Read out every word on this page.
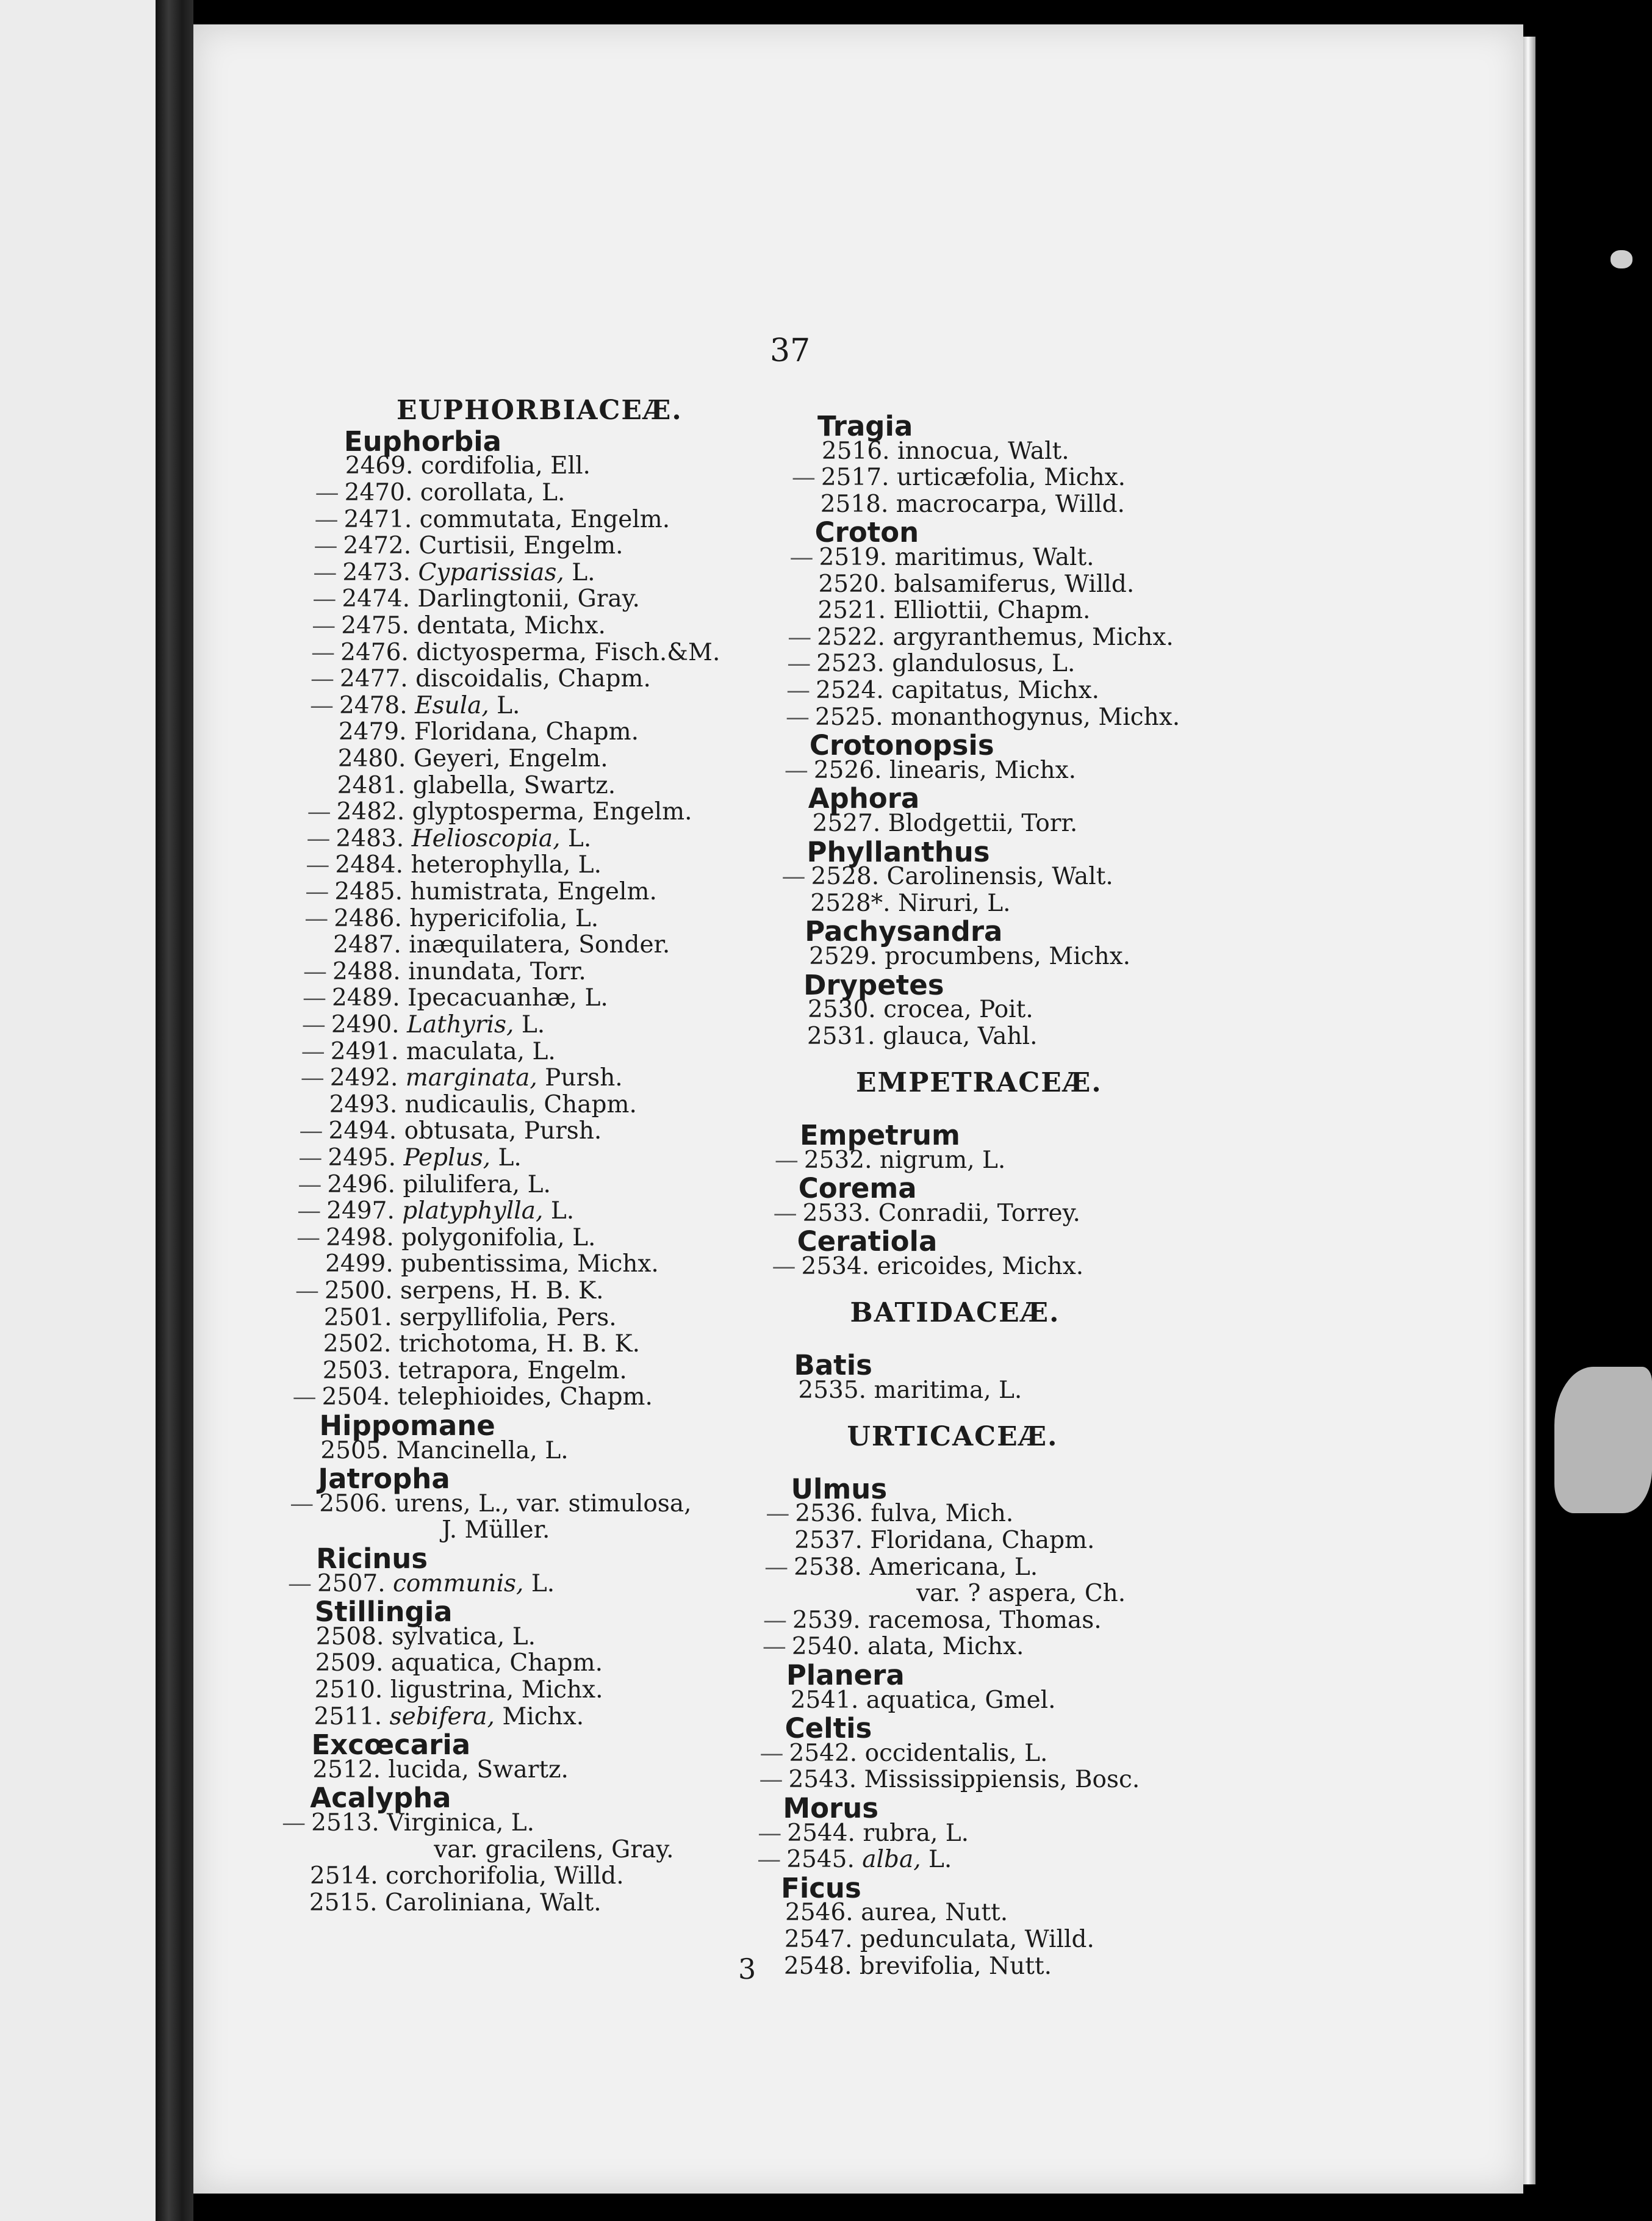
37
3
EUPHORBIACEÆ.
Euphorbia
2469. cordifolia, Ell.
— 2470. corollata, L.
— 2471. commutata, Engelm.
— 2472. Curtisii, Engelm.
— 2473. Cyparissias, L.
— 2474. Darlingtonii, Gray.
— 2475. dentata, Michx.
— 2476. dictyosperma, Fisch.&M.
— 2477. discoidalis, Chapm.
— 2478. Esula, L.
2479. Floridana, Chapm.
2480. Geyeri, Engelm.
2481. glabella, Swartz.
— 2482. glyptosperma, Engelm.
— 2483. Helioscopia, L.
— 2484. heterophylla, L.
— 2485. humistrata, Engelm.
— 2486. hypericifolia, L.
2487. inæquilatera, Sonder.
— 2488. inundata, Torr.
— 2489. Ipecacuanhæ, L.
— 2490. Lathyris, L.
— 2491. maculata, L.
— 2492. marginata, Pursh.
2493. nudicaulis, Chapm.
— 2494. obtusata, Pursh.
— 2495. Peplus, L.
— 2496. pilulifera, L.
— 2497. platyphylla, L.
— 2498. polygonifolia, L.
2499. pubentissima, Michx.
— 2500. serpens, H. B. K.
2501. serpyllifolia, Pers.
2502. trichotoma, H. B. K.
2503. tetrapora, Engelm.
— 2504. telephioides, Chapm.
Hippomane
2505. Mancinella, L.
Jatropha
— 2506. urens, L., var. stimulosa,
J. Müller.
Ricinus
— 2507. communis, L.
Stillingia
2508. sylvatica, L.
2509. aquatica, Chapm.
2510. ligustrina, Michx.
2511. sebifera, Michx.
Excœcaria
2512. lucida, Swartz.
Acalypha
— 2513. Virginica, L.
var. gracilens, Gray.
2514. corchorifolia, Willd.
2515. Caroliniana, Walt.
Tragia
2516. innocua, Walt.
— 2517. urticæfolia, Michx.
2518. macrocarpa, Willd.
Croton
— 2519. maritimus, Walt.
2520. balsamiferus, Willd.
2521. Elliottii, Chapm.
— 2522. argyranthemus, Michx.
— 2523. glandulosus, L.
— 2524. capitatus, Michx.
— 2525. monanthogynus, Michx.
Crotonopsis
— 2526. linearis, Michx.
Aphora
2527. Blodgettii, Torr.
Phyllanthus
— 2528. Carolinensis, Walt.
2528*. Niruri, L.
Pachysandra
2529. procumbens, Michx.
Drypetes
2530. crocea, Poit.
2531. glauca, Vahl.
EMPETRACEÆ.
Empetrum
— 2532. nigrum, L.
Corema
— 2533. Conradii, Torrey.
Ceratiola
— 2534. ericoides, Michx.
BATIDACEÆ.
Batis
2535. maritima, L.
URTICACEÆ.
Ulmus
— 2536. fulva, Mich.
2537. Floridana, Chapm.
— 2538. Americana, L.
var. ? aspera, Ch.
— 2539. racemosa, Thomas.
— 2540. alata, Michx.
Planera
2541. aquatica, Gmel.
Celtis
— 2542. occidentalis, L.
— 2543. Mississippiensis, Bosc.
Morus
— 2544. rubra, L.
— 2545. alba, L.
Ficus
2546. aurea, Nutt.
2547. pedunculata, Willd.
2548. brevifolia, Nutt.
